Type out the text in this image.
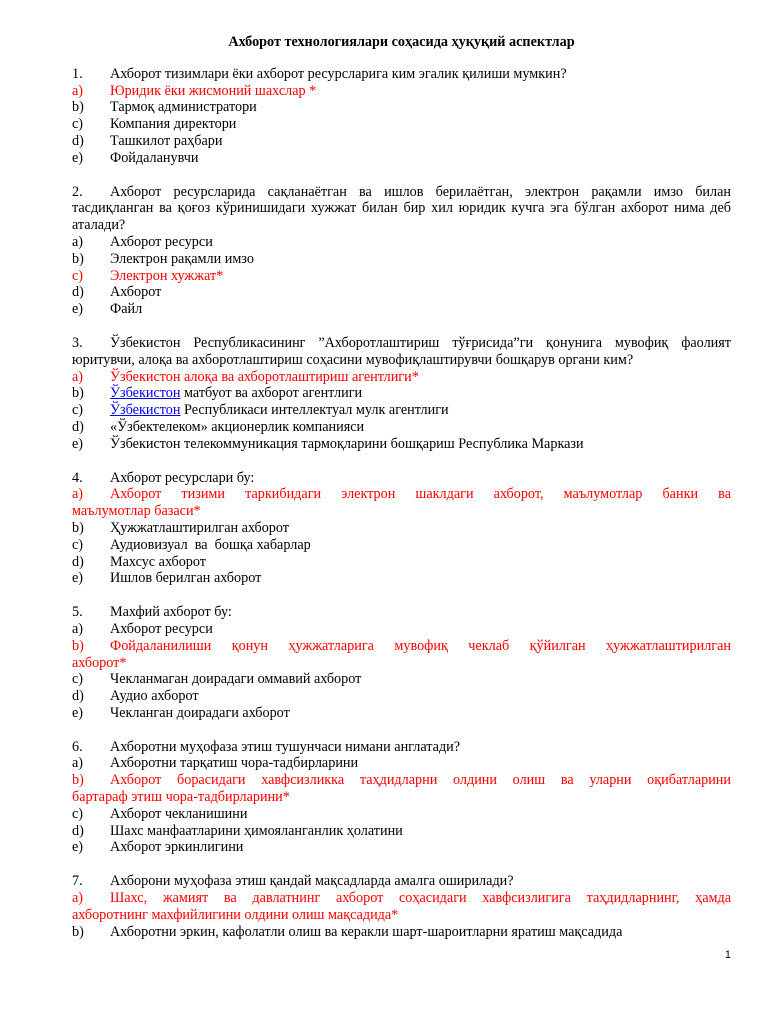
Ахборот технологиялари соҳасида ҳуқуқий аспектлар
1.	Ахборот тизимлари ёки ахборот ресурсларига ким эгалик қилиши мумкин?
a)	Юридик ёки жисмоний шахслар *
b)	Тармоқ администратори
c)	Компания директори
d)	Ташкилот раҳбари
e)	Фойдаланувчи
2.	Ахборот ресурсларида сақланаётган ва ишлов берилаётган, электрон рақамли имзо билан
тасдиқланган ва қоғоз кўринишидаги хужжат билан бир хил юридик кучга эга бўлган ахборот нима деб аталади?
a)	Ахборот ресурси
b)	Электрон рақамли имзо
c)	Электрон хужжат*
d)	Ахборот
e)	Файл
3.	Ўзбекистон Республикасининг ”Ахборотлаштириш тўғрисида”ги қонунига мувофиқ фаолият
юритувчи, алоқа ва ахборотлаштириш соҳасини мувофиқлаштирувчи бошқарув органи ким?
a)	Ўзбекистон алоқа ва ахборотлаштириш агентлиги*
b)	Ўзбекистон матбуот ва ахборот агентлиги
c)	Ўзбекистон Республикаси интеллектуал мулк агентлиги
d)	«Ўзбектелеком» акционерлик компанияси
e)	Ўзбекистон телекоммуникация тармоқларини бошқариш Республика Маркази
4.	Ахборот ресурслари бу:
a)	Ахборот тизими таркибидаги электрон шаклдаги ахборот, маълумотлар банки ва
маълумотлар базаси*
b)	Ҳужжатлаштирилган ахборот
c)	Аудиовизуал  ва  бошқа хабарлар
d)	Махсус ахборот
e)	Ишлов берилган ахборот
5.	Махфий ахборот бу:
a)	Ахборот ресурси
b)	Фойдаланилиши қонун ҳужжатларига мувофиқ чеклаб қўйилган ҳужжатлаштирилган
ахборот*
c)	Чекланмаган доирадаги оммавий ахборот
d)	Аудио ахборот
e)	Чекланган доирадаги ахборот
6.	Ахборотни муҳофаза этиш тушунчаси нимани англатади?
a)	Ахборотни тарқатиш чора-тадбирларини
b)	Ахборот борасидаги хавфсизликка таҳдидларни олдини олиш ва уларни оқибатларини
бартараф этиш чора-тадбирларини*
c)	Ахборот чекланишини
d)	Шахс манфаатларини ҳимояланганлик ҳолатини
e)	Ахборот эркинлигини
7.	Ахборони муҳофаза этиш қандай мақсадларда амалга оширилади?
a)	Шахс, жамият ва давлатнинг ахборот соҳасидаги хавфсизлигига таҳдидларнинг, ҳамда
ахборотнинг махфийлигини олдини олиш мақсадида*
b)	Ахборотни эркин, кафолатли олиш ва керакли шарт-шароитларни яратиш мақсадида
1
